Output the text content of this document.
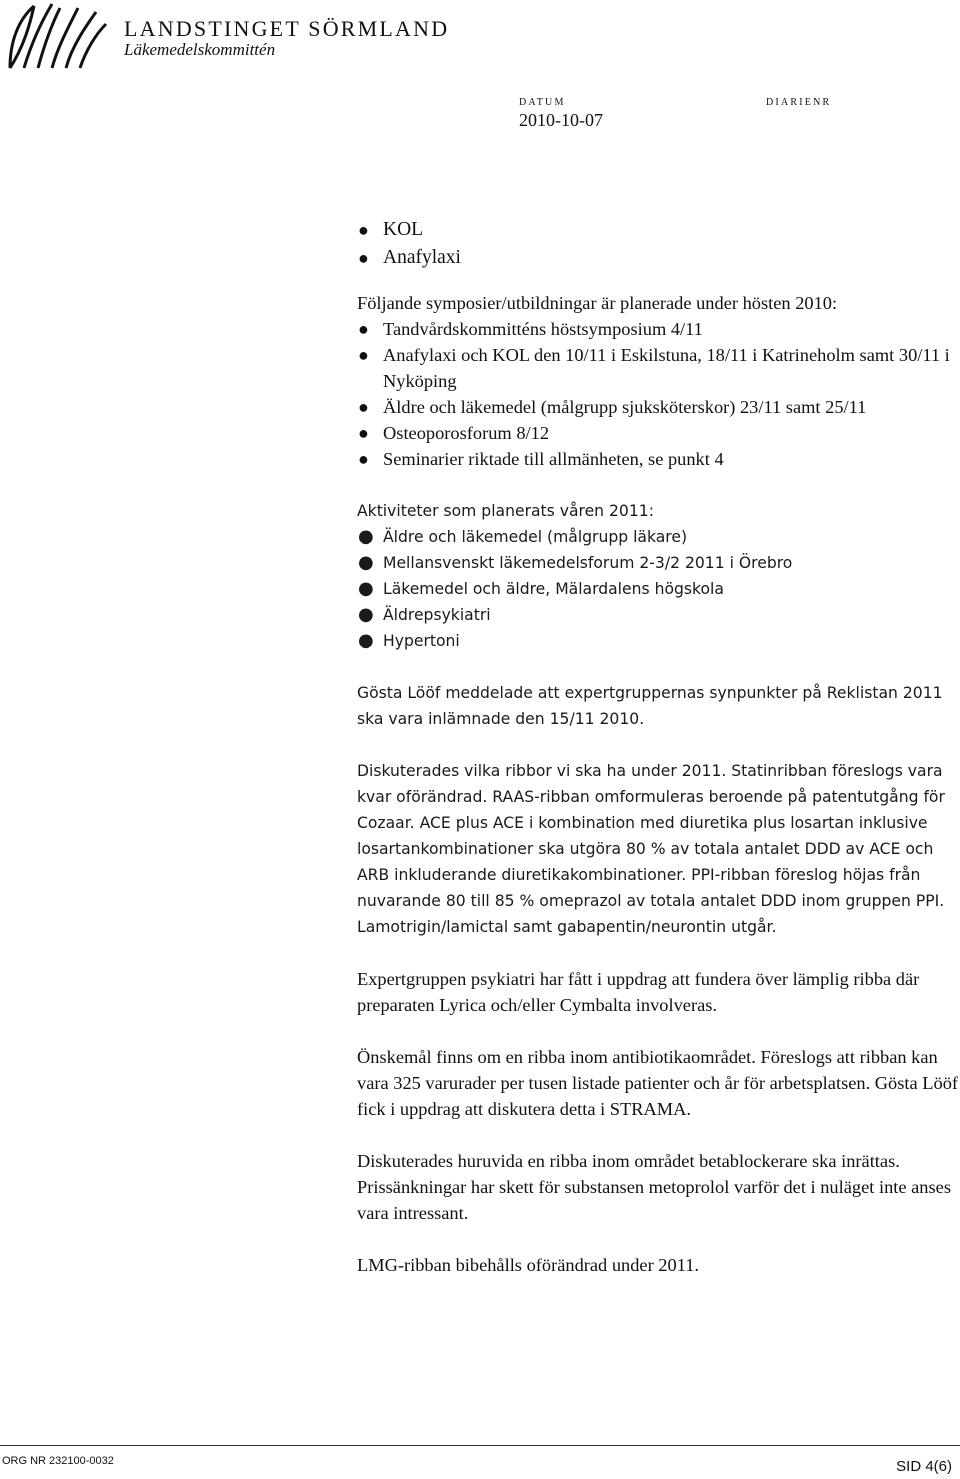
LANDSTINGET SÖRMLAND
Läkemedelskommittén
DATUM	DIARIENR
2010-10-07
● KOL
● Anafylaxi

Följande symposier/utbildningar är planerade under hösten 2010:

● Tandvårdskommitténs höstsymposium 4/11
● Anafylaxi och KOL den 10/11 i Eskilstuna, 18/11 i Katrineholm samt 30/11 i Nyköping
● Äldre och läkemedel (målgrupp sjuksköterskor) 23/11 samt 25/11
● Osteoporosforum 8/12
● Seminarier riktade till allmänheten, se punkt 4

Aktiviteter som planerats våren 2011:

● Äldre och läkemedel (målgrupp läkare)
● Mellansvenskt läkemedelsforum 2-3/2 2011 i Örebro
● Läkemedel och äldre, Mälardalens högskola
● Äldrepsykiatri
● Hypertoni

Gösta Lööf meddelade att expertgruppernas synpunkter på Reklistan 2011 ska vara inlämnade den 15/11 2010.

Diskuterades vilka ribbor vi ska ha under 2011. Statinribban föreslogs vara kvar oförändrad. RAAS-ribban omformuleras beroende på patentutgång för Cozaar. ACE plus ACE i kombination med diuretika plus losartan inklusive losartankombinationer ska utgöra 80 % av totala antalet DDD av ACE och ARB inkluderande diuretikakombinationer. PPI-ribban föreslog höjas från nuvarande 80 till 85 % omeprazol av totala antalet DDD inom gruppen PPI. Lamotrigin/lamictal samt gabapentin/neurontin utgår.

Expertgruppen psykiatri har fått i uppdrag att fundera över lämplig ribba där preparaten Lyrica och/eller Cymbalta involveras.

Önskemål finns om en ribba inom antibiotikaområdet. Föreslogs att ribban kan vara 325 varurader per tusen listade patienter och år för arbetsplatsen. Gösta Lööf fick i uppdrag att diskutera detta i STRAMA.

Diskuterades huruvida en ribba inom området betablockerare ska inrättas. Prissänkningar har skett för substansen metoprolol varför det i nuläget inte anses vara intressant.

LMG-ribban bibehålls oförändrad under 2011.

ORG NR 232100-0032	SID 4(6)
